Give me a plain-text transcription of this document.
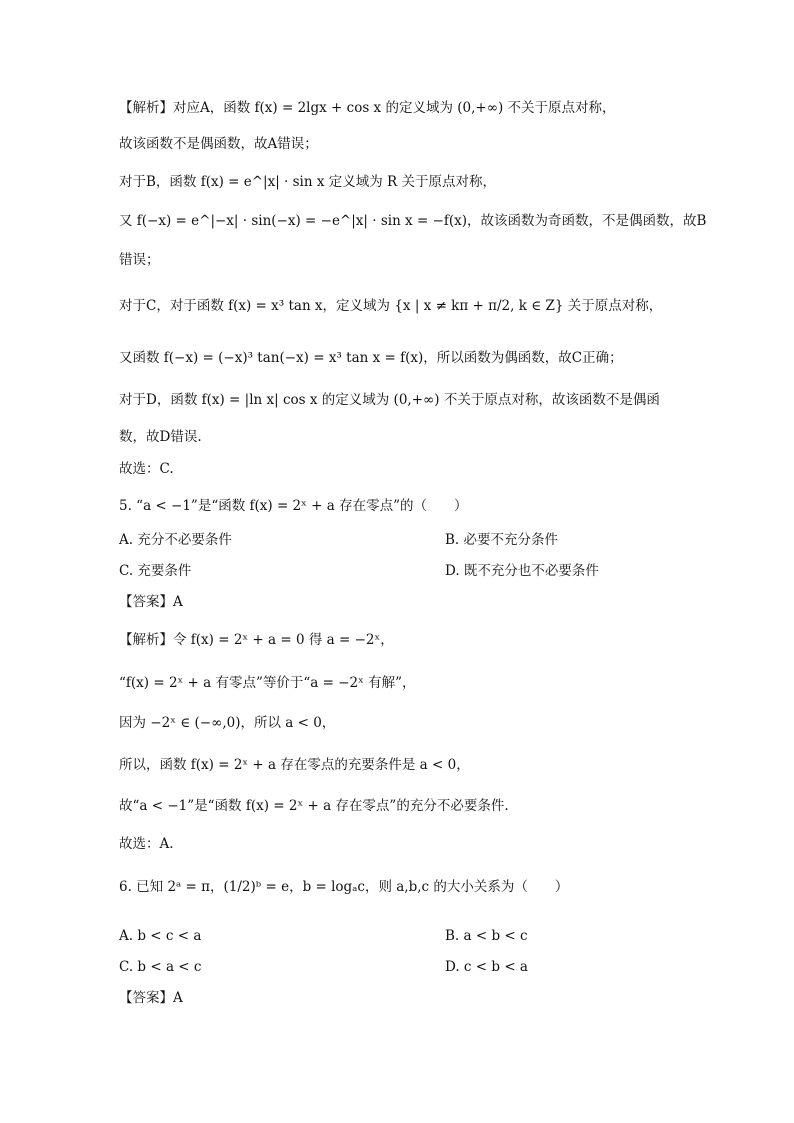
【解析】对应A，函数 f(x) = 2lgx + cos x 的定义域为 (0,+∞) 不关于原点对称，
故该函数不是偶函数，故A错误；
对于B，函数 f(x) = e^|x| · sin x 定义域为 R 关于原点对称，
又 f(−x) = e^|−x| · sin(−x) = −e^|x| · sin x = −f(x)，故该函数为奇函数，不是偶函数，故B
错误；
对于C，对于函数 f(x) = x³ tan x，定义域为 {x | x ≠ kπ + π/2, k ∈ Z} 关于原点对称，
又函数 f(−x) = (−x)³ tan(−x) = x³ tan x = f(x)，所以函数为偶函数，故C正确；
对于D，函数 f(x) = |ln x| cos x 的定义域为 (0,+∞) 不关于原点对称，故该函数不是偶函
数，故D错误.
故选：C.
5. “a < −1”是“函数 f(x) = 2ˣ + a 存在零点”的（　　）
【答案】A
【解析】令 f(x) = 2ˣ + a = 0 得 a = −2ˣ，
“f(x) = 2ˣ + a 有零点”等价于“a = −2ˣ 有解”，
因为 −2ˣ ∈ (−∞,0)，所以 a < 0，
所以，函数 f(x) = 2ˣ + a 存在零点的充要条件是 a < 0，
故“a < −1”是“函数 f(x) = 2ˣ + a 存在零点”的充分不必要条件.
故选：A.
6. 已知 2ᵃ = π，(1/2)ᵇ = e，b = logₐc，则 a,b,c 的大小关系为（　　）
【答案】A
A. 充分不必要条件	B. 必要不充分条件
C. 充要条件	D. 既不充分也不必要条件
A. b < c < a	B. a < b < c
C. b < a < c	D. c < b < a
